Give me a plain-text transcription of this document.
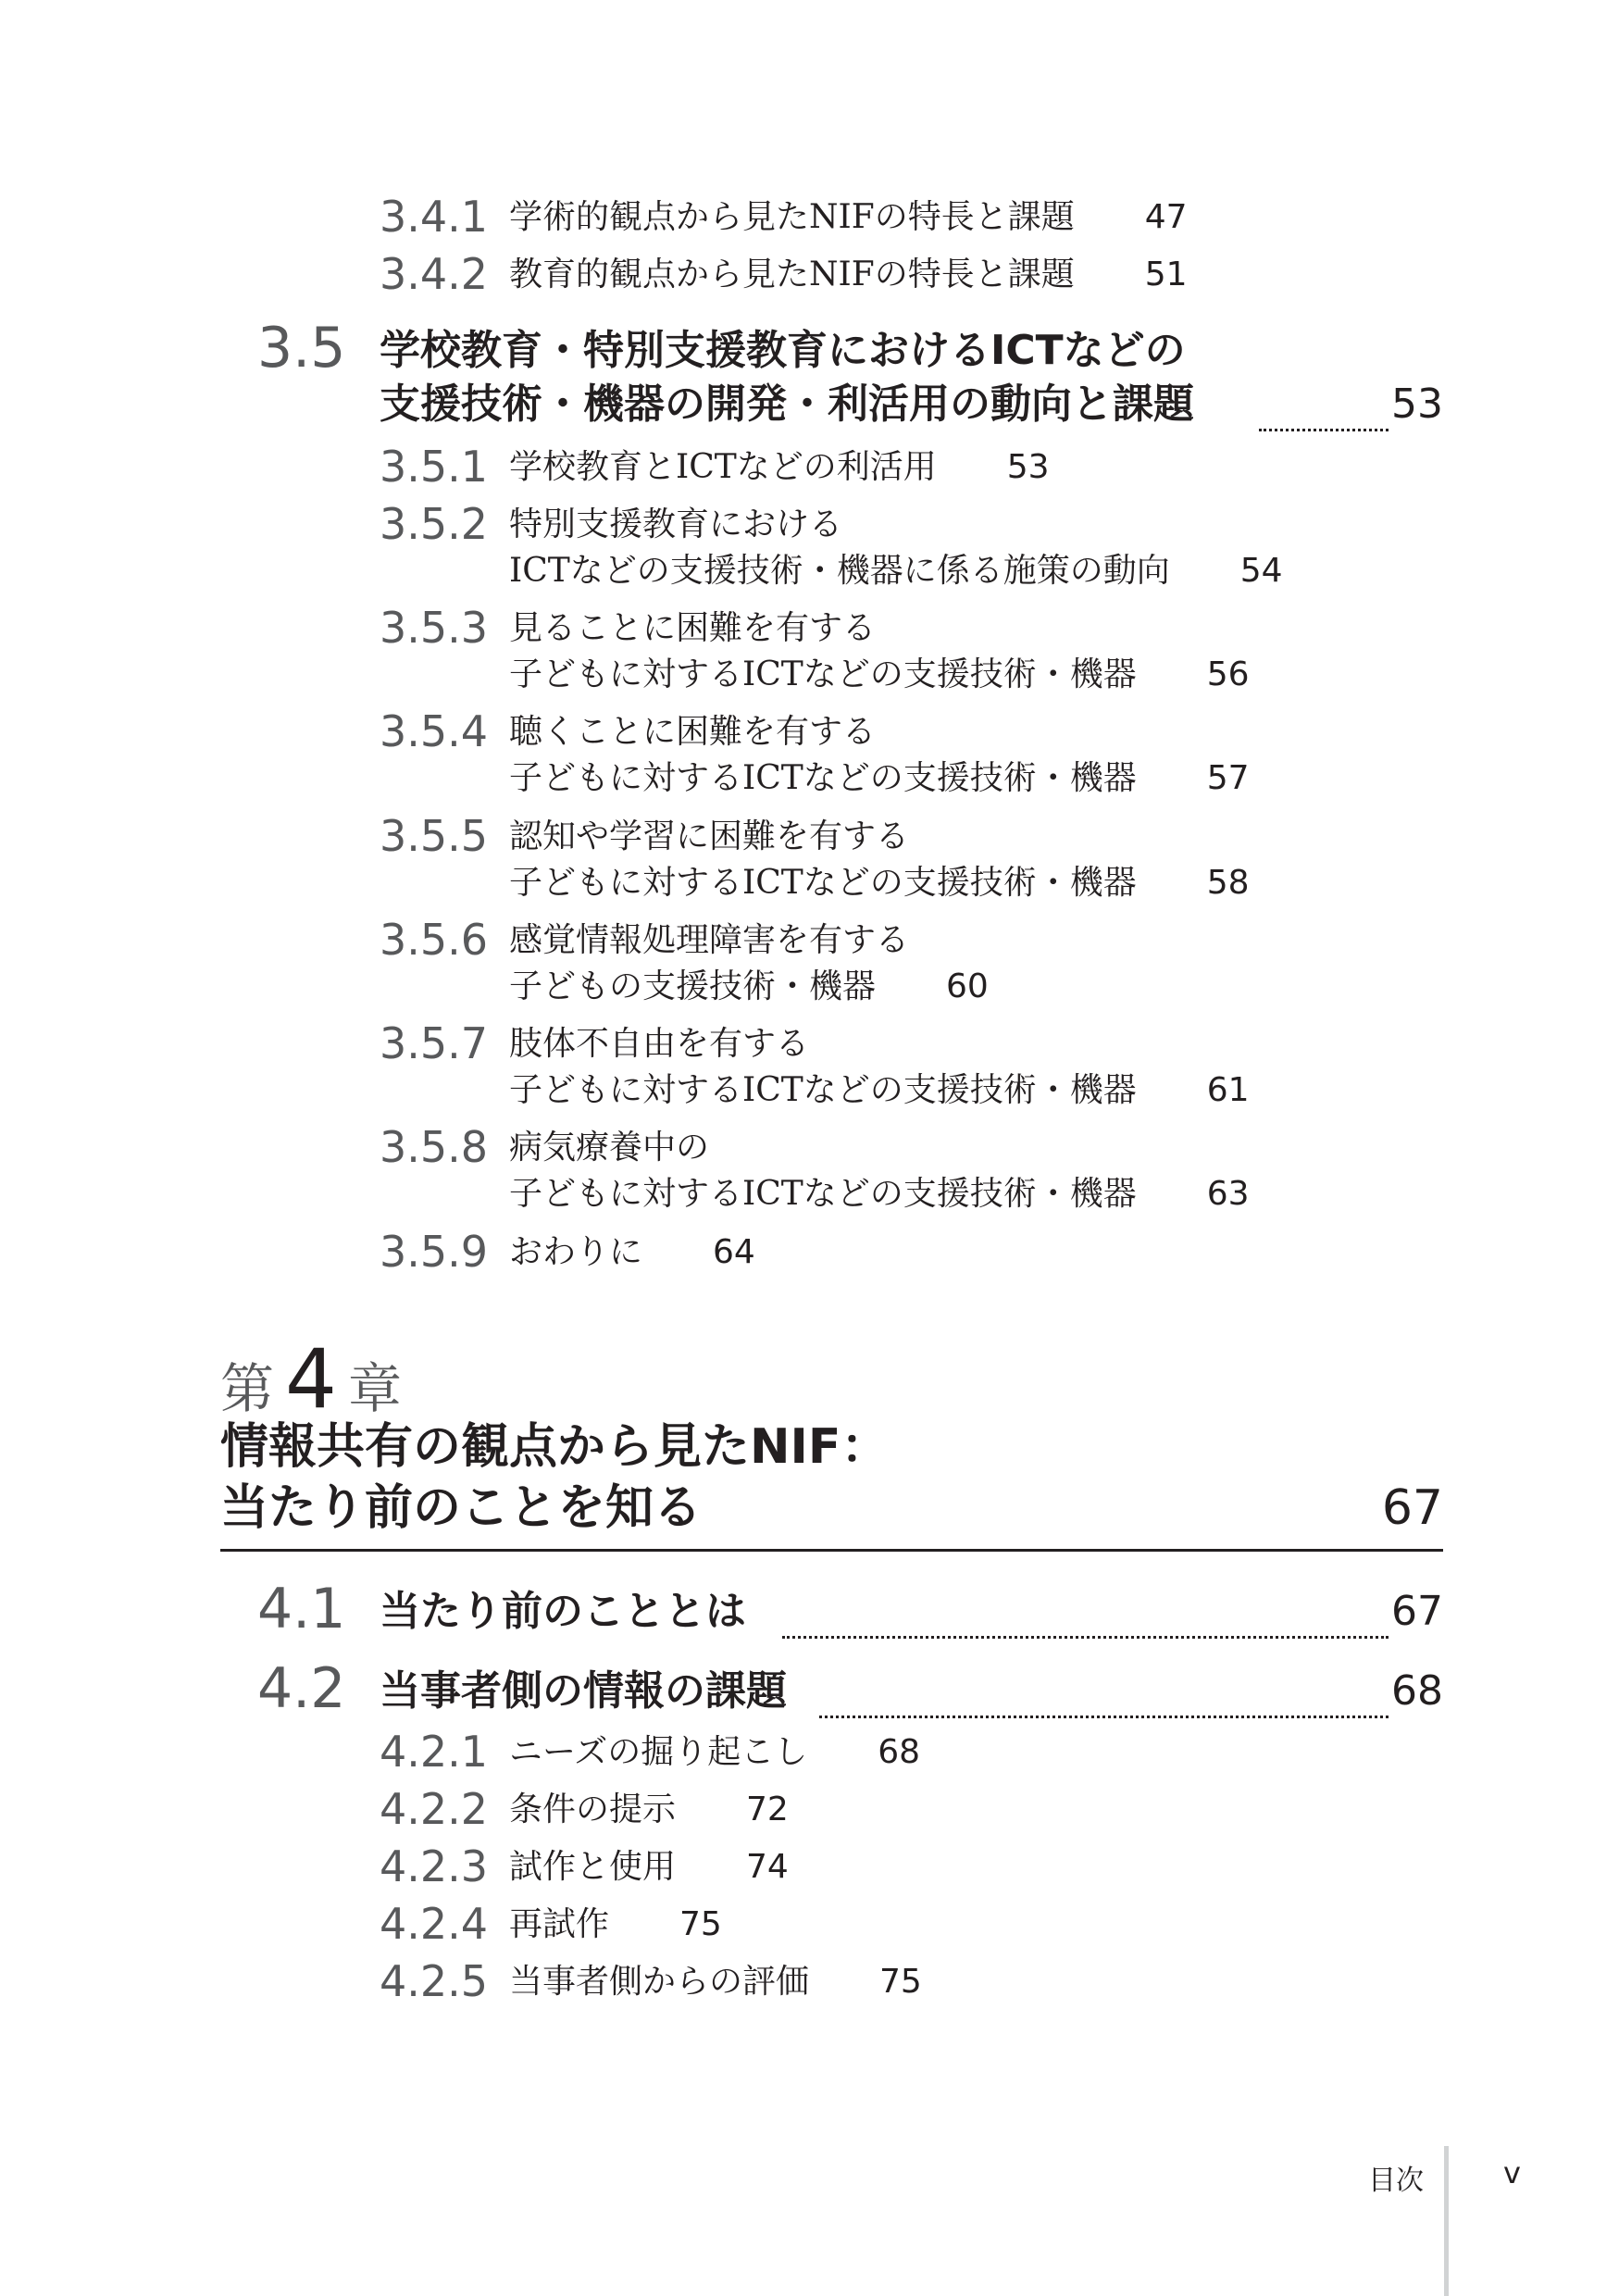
3.4.1 学術的観点から見たNIFの特長と課題 47
3.4.2 教育的観点から見たNIFの特長と課題 51
3.5 学校教育・特別支援教育におけるICTなどの
支援技術・機器の開発・利活用の動向と課題	53
3.5.1 学校教育とICTなどの利活用 53
3.5.2 特別支援教育における
ICTなどの支援技術・機器に係る施策の動向 54
3.5.3 見ることに困難を有する
子どもに対するICTなどの支援技術・機器 56
3.5.4 聴くことに困難を有する
子どもに対するICTなどの支援技術・機器 57
3.5.5 認知や学習に困難を有する
子どもに対するICTなどの支援技術・機器 58
3.5.6 感覚情報処理障害を有する
子どもの支援技術・機器 60
3.5.7 肢体不自由を有する
子どもに対するICTなどの支援技術・機器 61
3.5.8 病気療養中の
子どもに対するICTなどの支援技術・機器 63
3.5.9 おわりに 64
第 4 章
情報共有の観点から見たNIF：
当たり前のことを知る	67
4.1 当たり前のこととは	67
4.2 当事者側の情報の課題	68
4.2.1 ニーズの掘り起こし 68
4.2.2 条件の提示 72
4.2.3 試作と使用 74
4.2.4 再試作 75
4.2.5 当事者側からの評価 75
目次	v
